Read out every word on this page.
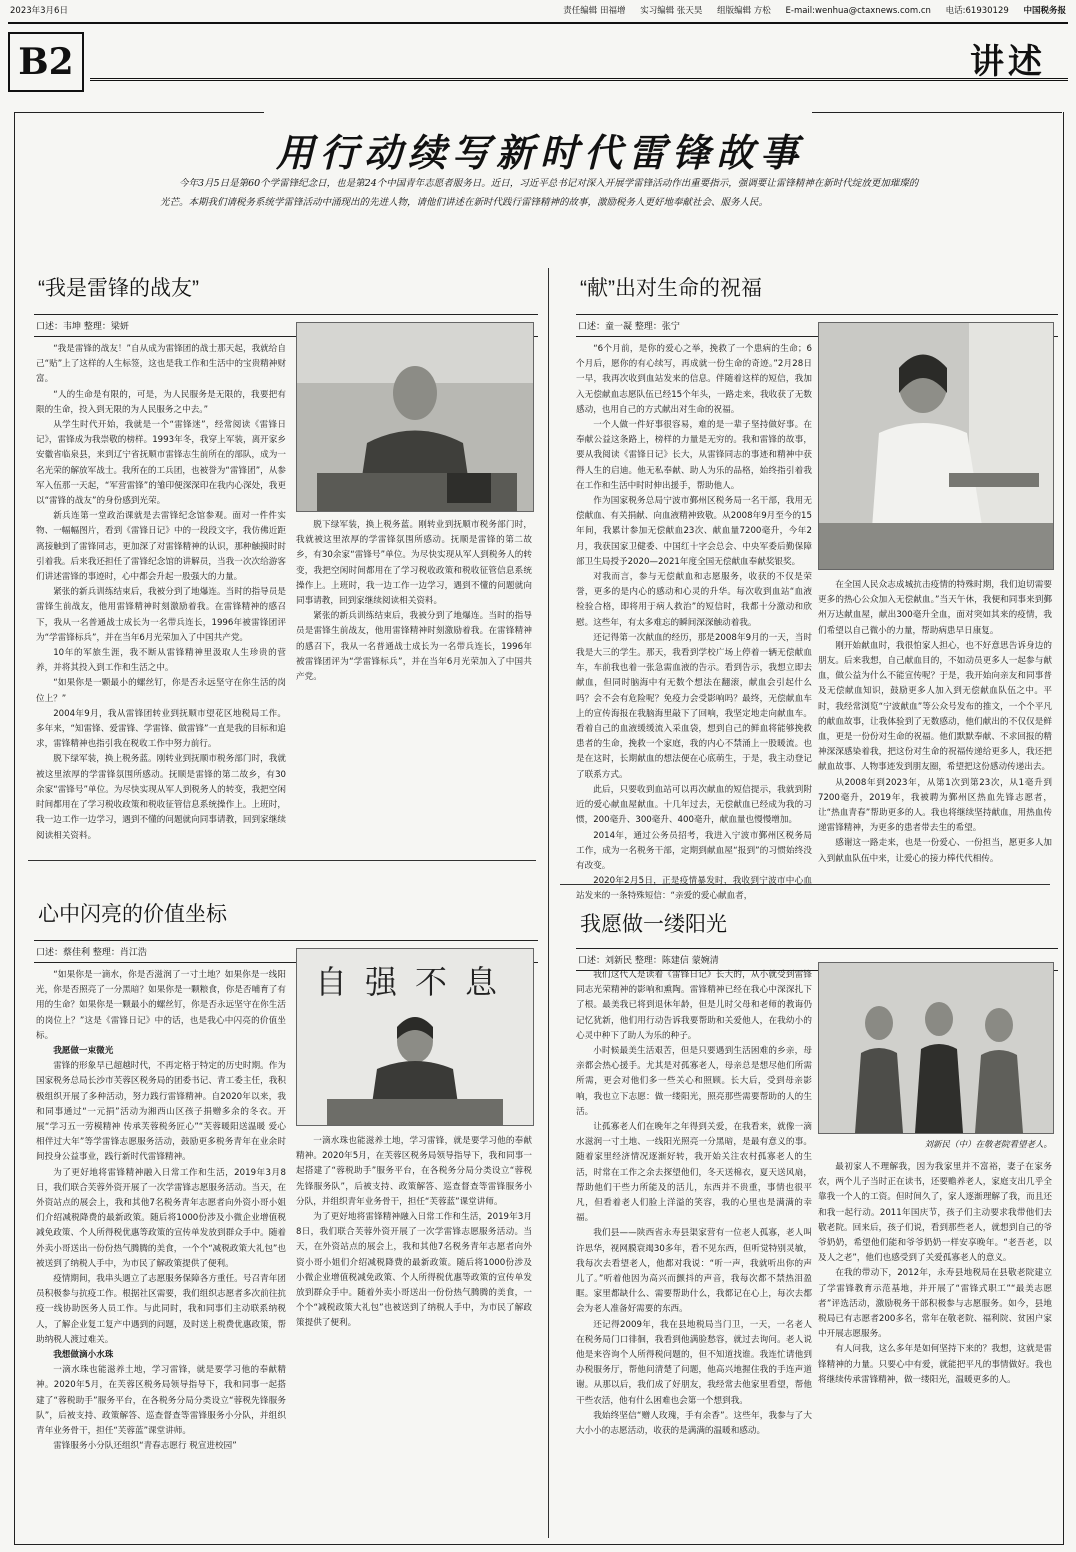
2023年3月6日	责任编辑 田福增 实习编辑 张天昊 组版编辑 方松 E-mail:wenhua@ctaxnews.com.cn 电话:61930129 中国税务报
B2	讲述
用行动续写新时代雷锋故事
今年3月5日是第60个学雷锋纪念日，也是第24个中国青年志愿者服务日。近日，习近平总书记对深入开展学雷锋活动作出重要指示，强调要让雷锋精神在新时代绽放更加璀璨的光芒。本期我们请税务系统学雷锋活动中涌现出的先进人物，请他们讲述在新时代践行雷锋精神的故事，激励税务人更好地奉献社会、服务人民。
“我是雷锋的战友”
口述：韦坤 整理：梁妍

“我是雷锋的战友！”自从成为雷锋团的战士那天起，我就给自己“贴”上了这样的人生标签，这也是我工作和生活中的宝贵精神财富。

“人的生命是有限的，可是，为人民服务是无限的，我要把有限的生命，投入到无限的为人民服务之中去。”

从学生时代开始，我就是一个“雷锋迷”，经常阅读《雷锋日记》，雷锋成为我崇敬的榜样。1993年冬，我穿上军装，离开家乡安徽省临泉县，来到辽宁省抚顺市雷锋志生前所在的部队，成为一名光荣的解放军战士。我所在的工兵团，也被誉为“雷锋团”，从参军入伍那一天起，“军营雷锋”的雏印便深深印在我内心深处，我更以“雷锋的战友”的身份感到光荣。

新兵连第一堂政治课就是去雷锋纪念馆参观。面对一件件实物、一幅幅图片，看到《雷锋日记》中的一段段文字，我仿佛近距离接触到了雷锋同志，更加深了对雷锋精神的认识，那种触摸时时引着我。后来我还担任了雷锋纪念馆的讲解员，当我一次次给游客们讲述雷锋的事迹时，心中都会升起一股强大的力量。

紧张的新兵训练结束后，我被分到了地爆连。当时的指导员是雷锋生前战友，他用雷锋精神时刻激励着我。在雷锋精神的感召下，我从一名普通战士成长为一名带兵连长，1996年被雷锋团评为“学雷锋标兵”，并在当年6月光荣加入了中国共产党。

10年的军旅生涯，我不断从雷锋精神里汲取人生珍贵的营养，并将其投入到工作和生活之中。

“如果你是一颗最小的螺丝钉，你是否永远坚守在你生活的岗位上？”

2004年9月，我从雷锋团转业到抚顺市望花区地税局工作。多年来，“知雷锋、爱雷锋、学雷锋、做雷锋”一直是我的目标和追求，雷锋精神也指引我在税收工作中努力前行。

脱下绿军装，换上税务蓝。刚转业到抚顺市税务部门时，我就被这里浓厚的学雷锋氛围所感动。抚顺是雷锋的第二故乡，有30余家“雷锋号”单位。为尽快实现从军人到税务人的转变，我把空闲时间都用在了学习税收政策和税收征管信息系统操作上。上班时，我一边工作一边学习，遇到不懂的问题就向同事请教，回到家继续阅读相关资料。

脱下绿军装，换上税务蓝。刚转业到抚顺市税务部门时，我就被这里浓厚的学雷锋氛围所感动。抚顺是雷锋的第二故乡，有30余家“雷锋号”单位。为尽快实现从军人到税务人的转变，我把空闲时间都用在了学习税收政策和税收征管信息系统操作上。上班时，我一边工作一边学习，遇到不懂的问题就向同事请教，回到家继续阅读相关资料。

紧张的新兵训练结束后，我被分到了地爆连。当时的指导员是雷锋生前战友，他用雷锋精神时刻激励着我。在雷锋精神的感召下，我从一名普通战士成长为一名带兵连长，1996年被雷锋团评为“学雷锋标兵”，并在当年6月光荣加入了中国共产党。

“献”出对生命的祝福
口述：童一凝 整理：张宁

“6个月前，是你的爱心之举，挽救了一个患病的生命；6个月后，愿你的有心续写，再成就一份生命的奇迹。”2月28日一早，我再次收到血站发来的信息。伴随着这样的短信，我加入无偿献血志愿队伍已经15个年头，一路走来，我收获了无数感动，也用自己的方式献出对生命的祝福。

一个人做一件好事很容易，难的是一辈子坚持做好事。在奉献公益这条路上，榜样的力量是无穷的。我和雷锋的故事，要从我阅读《雷锋日记》长大，从雷锋同志的事迹和精神中获得人生的启迪。他无私奉献、助人为乐的品格，始终指引着我在工作和生活中时时伸出援手，帮助他人。

作为国家税务总局宁波市鄞州区税务局一名干部，我用无偿献血、有关捐献、向血液精神致敬。从2008年9月至今的15年间，我累计参加无偿献血23次、献血量7200毫升，今年2月，我获国家卫健委、中国红十字会总会、中央军委后勤保障部卫生局授予2020—2021年度全国无偿献血奉献奖银奖。

对我而言，参与无偿献血和志愿服务，收获的不仅是荣誉，更多的是内心的感动和心灵的升华。每次收到血站“血液检验合格，即将用于病人救治”的短信时，我都十分激动和欣慰。这些年，有太多难忘的瞬间深深触动着我。

还记得第一次献血的经历，那是2008年9月的一天，当时我是大三的学生。那天，我看到学校广场上停着一辆无偿献血车，车前我也着一张急需血液的告示。看到告示，我想立即去献血，但同时脑海中有无数个想法在翻滚，献血会引起什么吗？会不会有危险呢？免疫力会受影响吗？最终，无偿献血车上的宣传海报在我脑海里敲下了回响，我坚定地走向献血车。看着自己的血液缓缓流入采血袋，想到自己的鲜血将能够挽救患者的生命，挽救一个家庭，我的内心不禁涌上一股暖流。也是在这时，长期献血的想法便在心底萌生，于是，我主动登记了联系方式。

此后，只要收到血站可以再次献血的短信提示，我就到附近的爱心献血屋献血。十几年过去，无偿献血已经成为我的习惯，200毫升、300毫升、400毫升，献血量也慢慢增加。

2014年，通过公务员招考，我进入宁波市鄞州区税务局工作，成为一名税务干部，定期到献血屋“报到”的习惯始终没有改变。

2020年2月5日，正是疫情暴发时，我收到宁波市中心血站发来的一条特殊短信：“亲爱的爱心献血者，

在全国人民众志成城抗击疫情的特殊时期，我们迫切需要更多的热心公众加入无偿献血。”当天午休，我便和同事来到鄞州万达献血屋，献出300毫升全血，面对突如其来的疫情，我们希望以自己微小的力量，帮助病患早日康复。

刚开始献血时，我很怕家人担心，也不好意思告诉身边的朋友。后来我想，自己献血目的，不如动员更多人一起参与献血，做公益为什么不能宣传呢？于是，我开始向亲友和同事普及无偿献血知识，鼓励更多人加入到无偿献血队伍之中。平时，我经常浏览“宁波献血”等公众号发布的推文，一个个平凡的献血故事，让我体验到了无数感动，他们献出的不仅仅是鲜血，更是一份份对生命的祝福。他们默默奉献、不求回报的精神深深感染着我，把这份对生命的祝福传递给更多人，我还把献血故事、人物事迹发到朋友圈，希望把这份感动传递出去。

从2008年到2023年，从第1次到第23次，从1毫升到7200毫升，2019年，我被聘为鄞州区热血先锋志愿者，让“热血青春”帮助更多的人。我也将继续坚持献血，用热血传递雷锋精神，为更多的患者带去生的希望。

感谢这一路走来，也是一份爱心、一份担当，愿更多人加入到献血队伍中来，让爱心的接力棒代代相传。

心中闪亮的价值坐标
口述：蔡佳利 整理：肖江浩
自强不息

“如果你是一滴水，你是否滋润了一寸土地？如果你是一线阳光，你是否照亮了一分黑暗？如果你是一颗粮食，你是否哺育了有用的生命？如果你是一颗最小的螺丝钉，你是否永远坚守在你生活的岗位上？”这是《雷锋日记》中的话，也是我心中闪亮的价值坐标。

我愿做一束微光

雷锋的形象早已超越时代，不再定格于特定的历史时期。作为国家税务总局长沙市芙蓉区税务局的团委书记、青工委主任，我积极组织开展了多种活动，努力践行雷锋精神。自2020年以来，我和同事通过“一元捐”活动为湘西山区孩子捐赠多余的冬衣。开展“学习五一劳模精神 传承芙蓉税务匠心”“芙蓉暖阳送温暖 爱心相伴过大年”等学雷锋志愿服务活动，鼓励更多税务青年在业余时间投身公益事业，践行新时代雷锋精神。

为了更好地将雷锋精神融入日常工作和生活，2019年3月8日，我们联合芙蓉外资开展了一次学雷锋志愿服务活动。当天，在外资站点的展会上，我和其他7名税务青年志愿者向外资小哥小姐们介绍减税降费的最新政策。随后将1000份涉及小微企业增值税减免政策、个人所得税优惠等政策的宣传单发放到群众手中。随着外卖小哥送出一份份热气腾腾的美食，一个个“减税政策大礼包”也被送到了纳税人手中，为市民了解政策提供了便利。

疫情期间，我串头遇立了志愿服务保障各方重任。号召青年团员积极参与抗疫工作。根据社区需要，我们组织志愿者多次前往抗疫一线协助医务人员工作。与此同时，我和同事们主动联系纳税人，了解企业复工复产中遇到的问题，及时送上税费优惠政策，帮助纳税人渡过难关。

我想做滴小水珠

一滴水珠也能滋养土地，学习雷锋，就是要学习他的奉献精神。2020年5月，在芙蓉区税务局领导指导下，我和同事一起搭建了“蓉税助手”服务平台，在各税务分局分类设立“蓉税先锋服务队”，后被支持、政策解答、巡查督查等雷锋服务小分队，并组织青年业务骨干，担任“芙蓉蓝”课堂讲师。

雷锋服务小分队还组织“青春志愿行 税宣进校园”

一滴水珠也能滋养土地，学习雷锋，就是要学习他的奉献精神。2020年5月，在芙蓉区税务局领导指导下，我和同事一起搭建了“蓉税助手”服务平台，在各税务分局分类设立“蓉税先锋服务队”，后被支持、政策解答、巡查督查等雷锋服务小分队，并组织青年业务骨干，担任“芙蓉蓝”课堂讲师。

为了更好地将雷锋精神融入日常工作和生活，2019年3月8日，我们联合芙蓉外资开展了一次学雷锋志愿服务活动。当天，在外资站点的展会上，我和其他7名税务青年志愿者向外资小哥小姐们介绍减税降费的最新政策。随后将1000份涉及小微企业增值税减免政策、个人所得税优惠等政策的宣传单发放到群众手中。随着外卖小哥送出一份份热气腾腾的美食，一个个“减税政策大礼包”也被送到了纳税人手中，为市民了解政策提供了便利。

我愿做一缕阳光
口述：刘新民 整理：陈建信 蒙婉清
刘新民（中）在敬老院看望老人。

我们这代人是读着《雷锋日记》长大的，从小就受到雷锋同志光荣精神的影响和熏陶。雷锋精神已经在我心中深深扎下了根。最美我已将到退休年龄，但是儿时父母和老师的教诲仍记忆犹新，他们用行动告诉我要帮助和关爱他人，在我幼小的心灵中种下了助人为乐的种子。

小时候最美生活艰苦，但是只要遇到生活困难的乡亲，母亲都会热心援手。尤其是对孤寡老人，母亲总是想尽他们所需所需，更会对他们多一些关心和照顾。长大后，受到母亲影响，我也立下志愿：做一缕阳光，照亮那些需要帮助的人的生活。

让孤寡老人们在晚年之年得到关爱，在我看来，就像一滴水滋润一寸土地、一线阳光照亮一分黑暗，是最有意义的事。随着家里经济情况逐渐好转，我开始关注农村孤寡老人的生活，时常在工作之余去探望他们，冬天送棉衣，夏天送风扇，帮助他们干些力所能及的活儿，东西并不贵重，事情也很平凡，但看着老人们脸上洋溢的笑容，我的心里也是满满的幸福。

我们县——陕西省永寿县渠家营有一位老人孤寡，老人叫许思华，视网膜衰竭30多年，看不见东西，但听觉特别灵敏，我每次去看望老人，他都对我说：“听一声，我就听出你的声儿了。”听着他因为高兴而颤抖的声音，我每次都不禁热泪盈眶。家里都缺什么、需要帮助什么，我都记在心上，每次去都会为老人准备好需要的东西。

还记得2009年，我在县地税局当门卫，一天，一名老人在税务局门口徘徊，我看到他满脸愁容，就过去询问。老人说他是来咨询个人所得税问题的，但不知道找谁。我连忙请他到办税服务厅，帮他问清楚了问题，他高兴地握住我的手连声道谢。从那以后，我们成了好朋友，我经常去他家里看望，帮他干些农活，他有什么困难也会第一个想到我。

我始终坚信“赠人玫瑰，手有余香”。这些年，我参与了大大小小的志愿活动，收获的是满满的温暖和感动。

最初家人不理解我，因为我家里并不富裕，妻子在家务农，两个儿子当时正在读书，还要赡养老人，家庭支出几乎全靠我一个人的工资。但时间久了，家人逐渐理解了我，而且还和我一起行动。2011年国庆节，孩子们主动要求我带他们去敬老院。回来后，孩子们说，看到那些老人，就想到自己的爷爷奶奶，希望他们能和爷爷奶奶一样安享晚年。“老吾老，以及人之老”，他们也感受到了关爱孤寡老人的意义。

在我的带动下，2012年，永寿县地税局在县敬老院建立了学雷锋教育示范基地，并开展了“雷锋式职工”“最美志愿者”评选活动，激励税务干部积极参与志愿服务。如今，县地税局已有志愿者200多名，常年在敬老院、福利院、贫困户家中开展志愿服务。

有人问我，这么多年是如何坚持下来的？我想，这就是雷锋精神的力量。只要心中有爱，就能把平凡的事情做好。我也将继续传承雷锋精神，做一缕阳光，温暖更多的人。
